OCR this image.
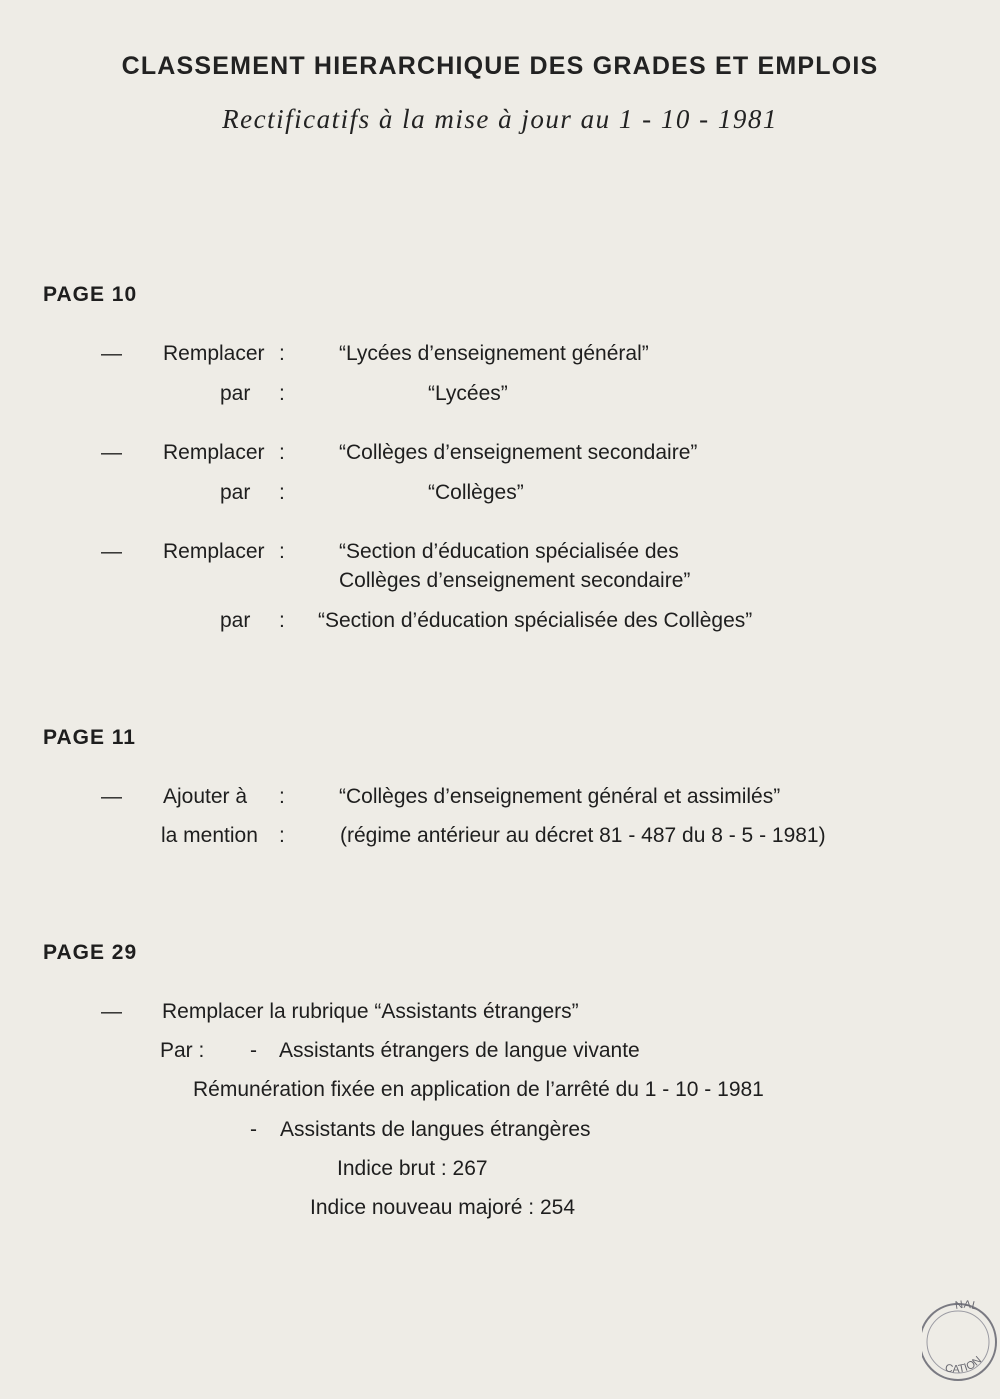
CLASSEMENT HIERARCHIQUE DES GRADES ET EMPLOIS
Rectificatifs à la mise à jour au 1 - 10 - 1981
PAGE 10
— Remplacer :	“Lycées d’enseignement général”
par :	“Lycées”
— Remplacer :	“Collèges d’enseignement secondaire”
par :	“Collèges”
— Remplacer :	“Section d’éducation spécialisée des
Collèges d’enseignement secondaire”
par : “Section d’éducation spécialisée des Collèges”
PAGE 11
— Ajouter à :	“Collèges d’enseignement général et assimilés”
la mention :	(régime antérieur au décret 81 - 487 du 8 - 5 - 1981)
PAGE 29
— Remplacer la rubrique “Assistants étrangers”
Par : - Assistants étrangers de langue vivante
Rémunération fixée en application de l’arrêté du 1 - 10 - 1981
- Assistants de langues étrangères
Indice brut : 267
Indice nouveau majoré : 254
NAL
CATION
